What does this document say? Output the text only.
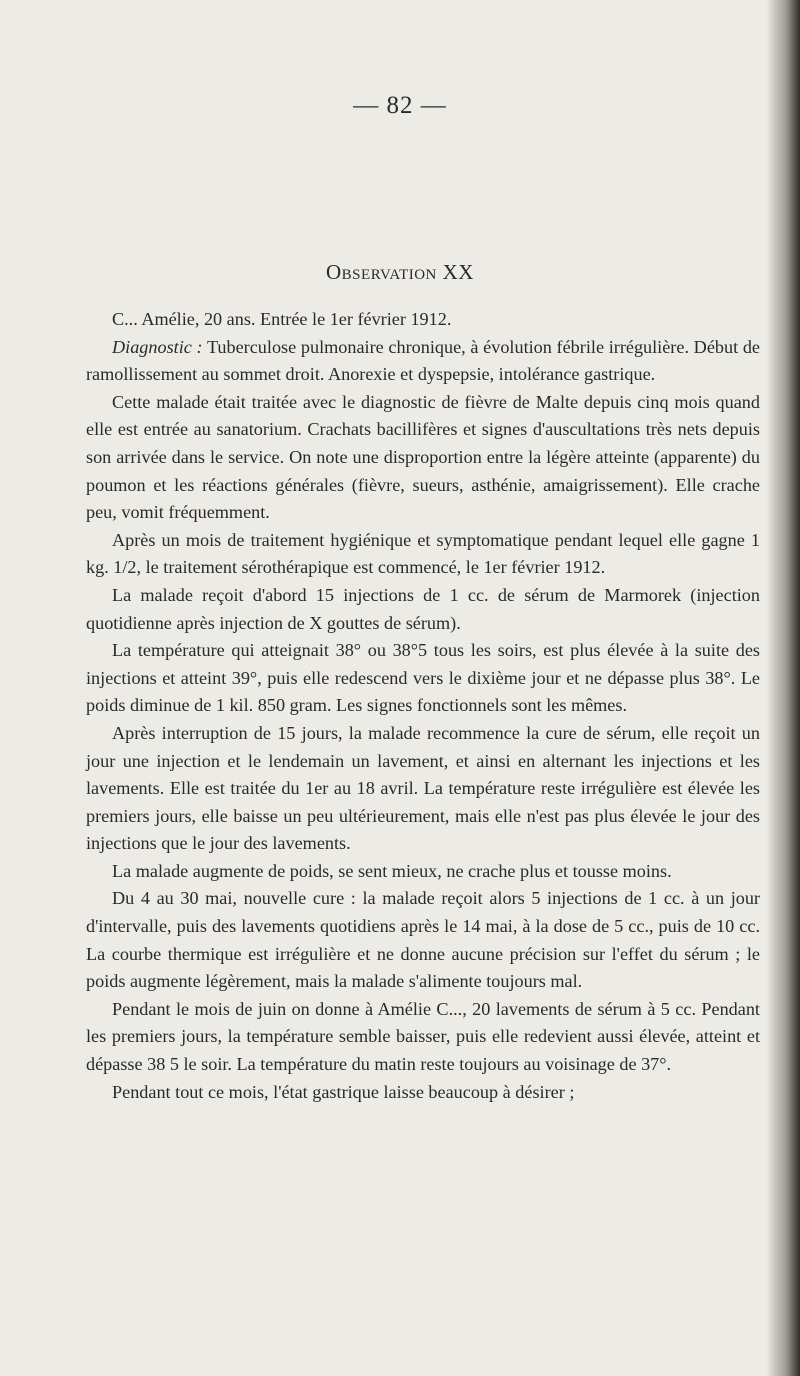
— 82 —
Observation XX

C... Amélie, 20 ans. Entrée le 1er février 1912.

Diagnostic : Tuberculose pulmonaire chronique, à évolution fébrile irrégulière. Début de ramollissement au sommet droit. Anorexie et dyspepsie, intolérance gastrique.

Cette malade était traitée avec le diagnostic de fièvre de Malte depuis cinq mois quand elle est entrée au sanatorium. Crachats bacillifères et signes d'auscultations très nets depuis son arrivée dans le service. On note une disproportion entre la légère atteinte (apparente) du poumon et les réactions générales (fièvre, sueurs, asthénie, amaigrissement). Elle crache peu, vomit fréquemment.

Après un mois de traitement hygiénique et symptomatique pendant lequel elle gagne 1 kg. 1/2, le traitement sérothérapique est commencé, le 1er février 1912.

La malade reçoit d'abord 15 injections de 1 cc. de sérum de Marmorek (injection quotidienne après injection de X gouttes de sérum).

La température qui atteignait 38° ou 38°5 tous les soirs, est plus élevée à la suite des injections et atteint 39°, puis elle redescend vers le dixième jour et ne dépasse plus 38°. Le poids diminue de 1 kil. 850 gram. Les signes fonctionnels sont les mêmes.

Après interruption de 15 jours, la malade recommence la cure de sérum, elle reçoit un jour une injection et le lendemain un lavement, et ainsi en alternant les injections et les lavements. Elle est traitée du 1er au 18 avril. La température reste irrégulière est élevée les premiers jours, elle baisse un peu ultérieurement, mais elle n'est pas plus élevée le jour des injections que le jour des lavements.

La malade augmente de poids, se sent mieux, ne crache plus et tousse moins.

Du 4 au 30 mai, nouvelle cure : la malade reçoit alors 5 injections de 1 cc. à un jour d'intervalle, puis des lavements quotidiens après le 14 mai, à la dose de 5 cc., puis de 10 cc. La courbe thermique est irrégulière et ne donne aucune précision sur l'effet du sérum ; le poids augmente légèrement, mais la malade s'alimente toujours mal.

Pendant le mois de juin on donne à Amélie C..., 20 lavements de sérum à 5 cc. Pendant les premiers jours, la température semble baisser, puis elle redevient aussi élevée, atteint et dépasse 38 5 le soir. La température du matin reste toujours au voisinage de 37°.

Pendant tout ce mois, l'état gastrique laisse beaucoup à désirer ;
